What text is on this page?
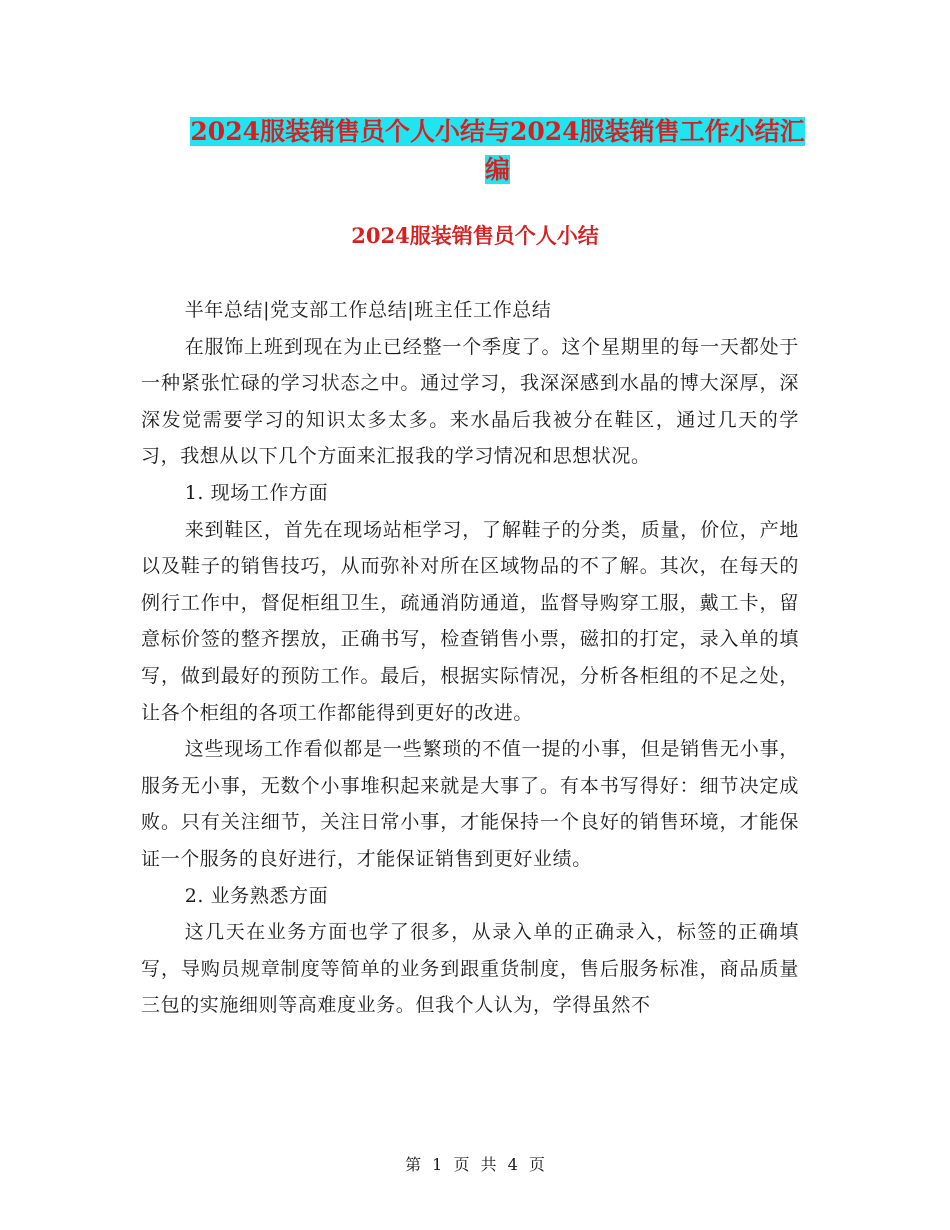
2024服装销售员个人小结与2024服装销售工作小结汇编
2024服装销售员个人小结

半年总结|党支部工作总结|班主任工作总结

在服饰上班到现在为止已经整一个季度了。这个星期里的每一天都处于一种紧张忙碌的学习状态之中。通过学习，我深深感到水晶的博大深厚，深深发觉需要学习的知识太多太多。来水晶后我被分在鞋区，通过几天的学习，我想从以下几个方面来汇报我的学习情况和思想状况。

1. 现场工作方面

来到鞋区，首先在现场站柜学习，了解鞋子的分类，质量，价位，产地以及鞋子的销售技巧，从而弥补对所在区域物品的不了解。其次，在每天的例行工作中，督促柜组卫生，疏通消防通道，监督导购穿工服，戴工卡，留意标价签的整齐摆放，正确书写，检查销售小票，磁扣的打定，录入单的填写，做到最好的预防工作。最后，根据实际情况，分析各柜组的不足之处，让各个柜组的各项工作都能得到更好的改进。

这些现场工作看似都是一些繁琐的不值一提的小事，但是销售无小事，服务无小事，无数个小事堆积起来就是大事了。有本书写得好：细节决定成败。只有关注细节，关注日常小事，才能保持一个良好的销售环境，才能保证一个服务的良好进行，才能保证销售到更好业绩。

2. 业务熟悉方面

这几天在业务方面也学了很多，从录入单的正确录入，标签的正确填写，导购员规章制度等简单的业务到跟重货制度，售后服务标准，商品质量三包的实施细则等高难度业务。但我个人认为，学得虽然不

第 1 页 共 4 页
